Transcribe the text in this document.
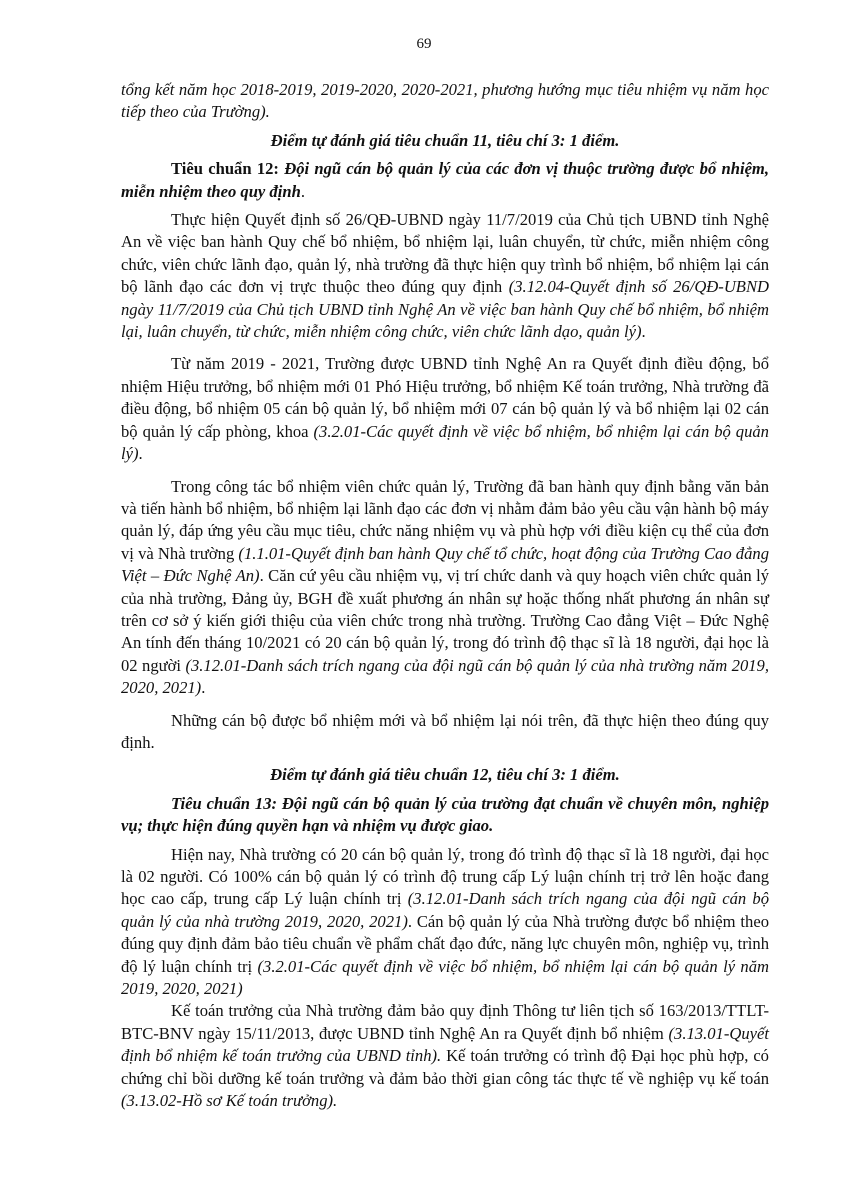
69

tổng kết năm học 2018-2019, 2019-2020, 2020-2021, phương hướng mục tiêu nhiệm vụ năm học tiếp theo của Trường).

Điểm tự đánh giá tiêu chuẩn 11, tiêu chí 3: 1 điểm.

Tiêu chuẩn 12: Đội ngũ cán bộ quản lý của các đơn vị thuộc trường được bổ nhiệm, miễn nhiệm theo quy định.

Thực hiện Quyết định số 26/QĐ-UBND ngày 11/7/2019 của Chủ tịch UBND tỉnh Nghệ An về việc ban hành Quy chế bổ nhiệm, bổ nhiệm lại, luân chuyển, từ chức, miễn nhiệm công chức, viên chức lãnh đạo, quản lý, nhà trường đã thực hiện quy trình bổ nhiệm, bổ nhiệm lại cán bộ lãnh đạo các đơn vị trực thuộc theo đúng quy định (3.12.04-Quyết định số 26/QĐ-UBND ngày 11/7/2019 của Chủ tịch UBND tỉnh Nghệ An về việc ban hành Quy chế bổ nhiệm, bổ nhiệm lại, luân chuyển, từ chức, miễn nhiệm công chức, viên chức lãnh dạo, quản lý).

Từ năm 2019 - 2021, Trường được UBND tỉnh Nghệ An ra Quyết định điều động, bổ nhiệm Hiệu trưởng, bổ nhiệm mới 01 Phó Hiệu trưởng, bổ nhiệm Kế toán trưởng, Nhà trường đã điều động, bổ nhiệm 05 cán bộ quản lý, bổ nhiệm mới 07 cán bộ quản lý và bổ nhiệm lại 02 cán bộ quản lý cấp phòng, khoa (3.2.01-Các quyết định về việc bổ nhiệm, bổ nhiệm lại cán bộ quản lý).

Trong công tác bổ nhiệm viên chức quản lý, Trường đã ban hành quy định bằng văn bản và tiến hành bổ nhiệm, bổ nhiệm lại lãnh đạo các đơn vị nhằm đảm bảo yêu cầu vận hành bộ máy quản lý, đáp ứng yêu cầu mục tiêu, chức năng nhiệm vụ và phù hợp với điều kiện cụ thể của đơn vị và Nhà trường (1.1.01-Quyết định ban hành Quy chế tổ chức, hoạt động của Trường Cao đẳng Việt – Đức Nghệ An). Căn cứ yêu cầu nhiệm vụ, vị trí chức danh và quy hoạch viên chức quản lý của nhà trường, Đảng ủy, BGH đề xuất phương án nhân sự hoặc thống nhất phương án nhân sự trên cơ sở ý kiến giới thiệu của viên chức trong nhà trường. Trường Cao đẳng Việt – Đức Nghệ An tính đến tháng 10/2021 có 20 cán bộ quản lý, trong đó trình độ thạc sĩ là 18 người, đại học là 02 người (3.12.01-Danh sách trích ngang của đội ngũ cán bộ quản lý của nhà trường năm 2019, 2020, 2021).

Những cán bộ được bổ nhiệm mới và bổ nhiệm lại nói trên, đã thực hiện theo đúng quy định.

Điểm tự đánh giá tiêu chuẩn 12, tiêu chí 3: 1 điểm.

Tiêu chuẩn 13: Đội ngũ cán bộ quản lý của trường đạt chuẩn về chuyên môn, nghiệp vụ; thực hiện đúng quyền hạn và nhiệm vụ được giao.

Hiện nay, Nhà trường có 20 cán bộ quản lý, trong đó trình độ thạc sĩ là 18 người, đại học là 02 người. Có 100% cán bộ quản lý có trình độ trung cấp Lý luận chính trị trở lên hoặc đang học cao cấp, trung cấp Lý luận chính trị (3.12.01-Danh sách trích ngang của đội ngũ cán bộ quản lý của nhà trường 2019, 2020, 2021). Cán bộ quản lý của Nhà trường được bổ nhiệm theo đúng quy định đảm bảo tiêu chuẩn về phẩm chất đạo đức, năng lực chuyên môn, nghiệp vụ, trình độ lý luận chính trị (3.2.01-Các quyết định về việc bổ nhiệm, bổ nhiệm lại cán bộ quản lý năm 2019, 2020, 2021)

Kế toán trưởng của Nhà trường đảm bảo quy định Thông tư liên tịch số 163/2013/TTLT-BTC-BNV ngày 15/11/2013, được UBND tỉnh Nghệ An ra Quyết định bổ nhiệm (3.13.01-Quyết định bổ nhiệm kế toán trưởng của UBND tỉnh). Kế toán trưởng có trình độ Đại học phù hợp, có chứng chỉ bồi dưỡng kế toán trưởng và đảm bảo thời gian công tác thực tế về nghiệp vụ kế toán (3.13.02-Hồ sơ Kế toán trưởng).
